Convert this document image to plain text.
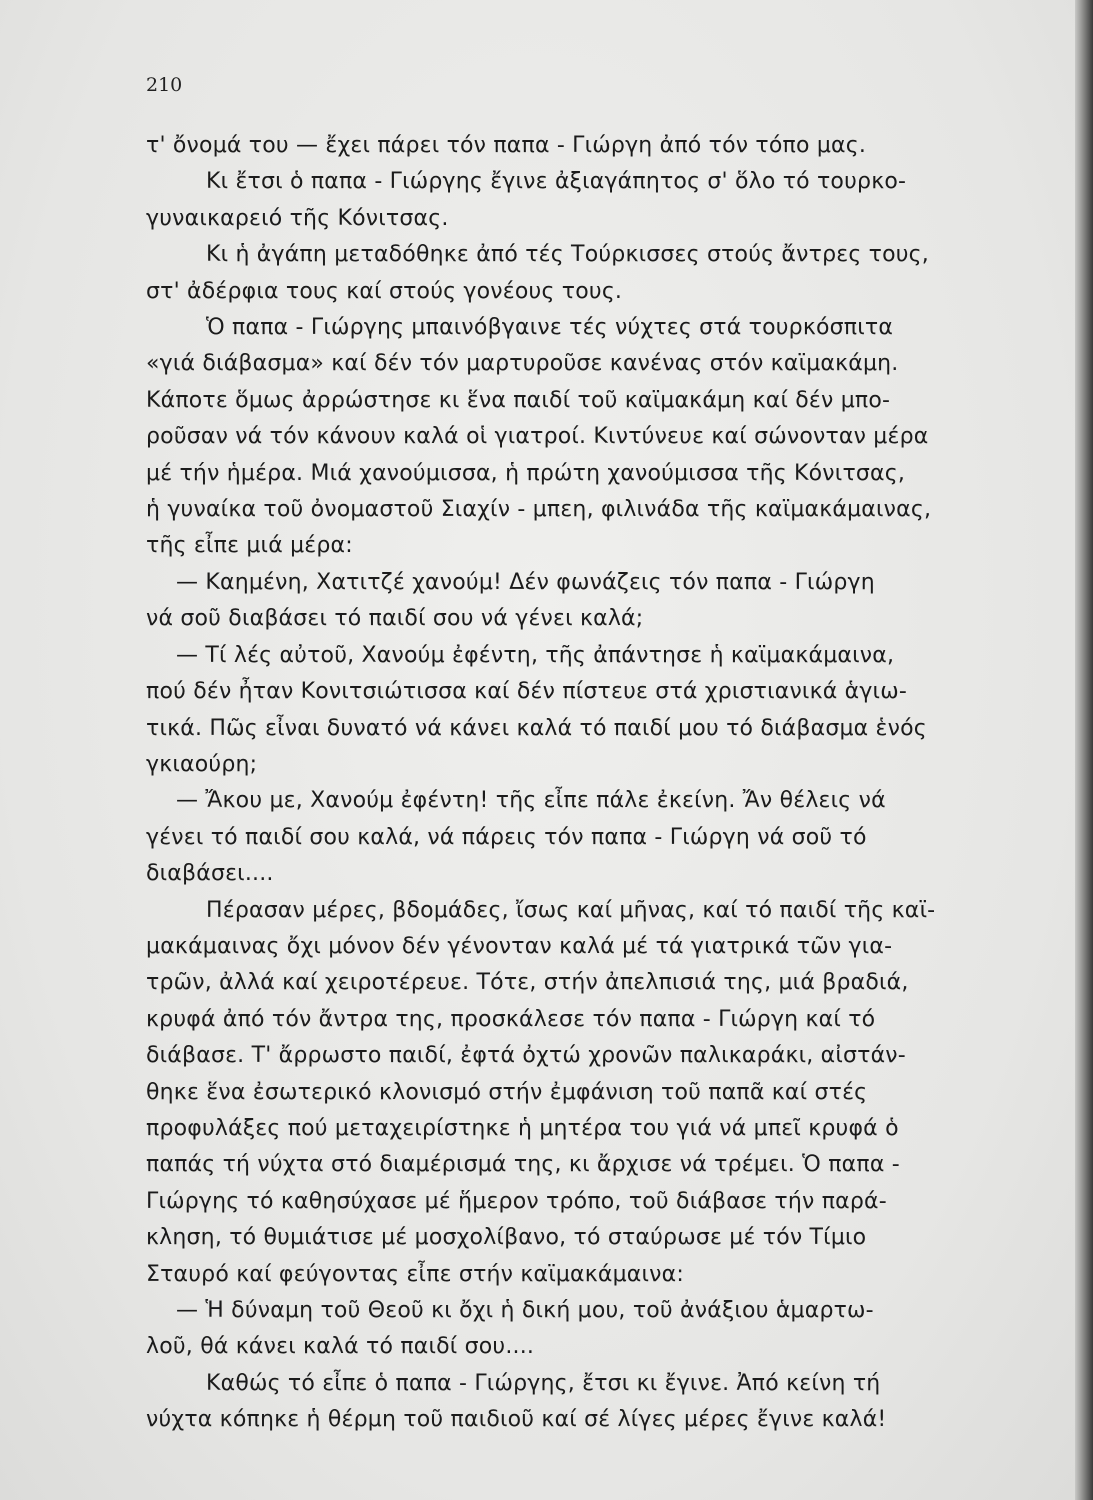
210
τ' ὄνομά του — ἔχει πάρει τόν παπα - Γιώργη ἀπό τόν τόπο μας.
Κι ἔτσι ὁ παπα - Γιώργης ἔγινε ἀξιαγάπητος σ' ὅλο τό τουρκο-
γυναικαρειό τῆς Κόνιτσας.
Κι ἡ ἀγάπη μεταδόθηκε ἀπό τές Τούρκισσες στούς ἄντρες τους,
στ' ἀδέρφια τους καί στούς γονέους τους.
Ὁ παπα - Γιώργης μπαινόβγαινε τές νύχτες στά τουρκόσπιτα
«γιά διάβασμα» καί δέν τόν μαρτυροῦσε κανένας στόν καϊμακάμη.
Κάποτε ὅμως ἀρρώστησε κι ἕνα παιδί τοῦ καϊμακάμη καί δέν μπο-
ροῦσαν νά τόν κάνουν καλά οἱ γιατροί. Κιντύνευε καί σώνονταν μέρα
μέ τήν ἡμέρα. Μιά χανούμισσα, ἡ πρώτη χανούμισσα τῆς Κόνιτσας,
ἡ γυναίκα τοῦ ὀνομαστοῦ Σιαχίν - μπεη, φιλινάδα τῆς καϊμακάμαινας,
τῆς εἶπε μιά μέρα:
— Καημένη, Χατιτζέ χανούμ! Δέν φωνάζεις τόν παπα - Γιώργη
νά σοῦ διαβάσει τό παιδί σου νά γένει καλά;
— Τί λές αὐτοῦ, Χανούμ ἐφέντη, τῆς ἀπάντησε ἡ καϊμακάμαινα,
πού δέν ἦταν Κονιτσιώτισσα καί δέν πίστευε στά χριστιανικά ἁγιω-
τικά. Πῶς εἶναι δυνατό νά κάνει καλά τό παιδί μου τό διάβασμα ἑνός
γκιαούρη;
— Ἄκου με, Χανούμ ἐφέντη! τῆς εἶπε πάλε ἐκείνη. Ἄν θέλεις νά
γένει τό παιδί σου καλά, νά πάρεις τόν παπα - Γιώργη νά σοῦ τό
διαβάσει....
Πέρασαν μέρες, βδομάδες, ἴσως καί μῆνας, καί τό παιδί τῆς καϊ-
μακάμαινας ὄχι μόνον δέν γένονταν καλά μέ τά γιατρικά τῶν για-
τρῶν, ἀλλά καί χειροτέρευε. Τότε, στήν ἀπελπισιά της, μιά βραδιά,
κρυφά ἀπό τόν ἄντρα της, προσκάλεσε τόν παπα - Γιώργη καί τό
διάβασε. Τ' ἄρρωστο παιδί, ἐφτά ὀχτώ χρονῶν παλικαράκι, αἰστάν-
θηκε ἕνα ἐσωτερικό κλονισμό στήν ἐμφάνιση τοῦ παπᾶ καί στές
προφυλάξες πού μεταχειρίστηκε ἡ μητέρα του γιά νά μπεῖ κρυφά ὁ
παπάς τή νύχτα στό διαμέρισμά της, κι ἄρχισε νά τρέμει. Ὁ παπα -
Γιώργης τό καθησύχασε μέ ἥμερον τρόπο, τοῦ διάβασε τήν παρά-
κληση, τό θυμιάτισε μέ μοσχολίβανο, τό σταύρωσε μέ τόν Τίμιο
Σταυρό καί φεύγοντας εἶπε στήν καϊμακάμαινα:
— Ἡ δύναμη τοῦ Θεοῦ κι ὄχι ἡ δική μου, τοῦ ἀνάξιου ἁμαρτω-
λοῦ, θά κάνει καλά τό παιδί σου....
Καθώς τό εἶπε ὁ παπα - Γιώργης, ἔτσι κι ἔγινε. Ἀπό κείνη τή
νύχτα κόπηκε ἡ θέρμη τοῦ παιδιοῦ καί σέ λίγες μέρες ἔγινε καλά!
